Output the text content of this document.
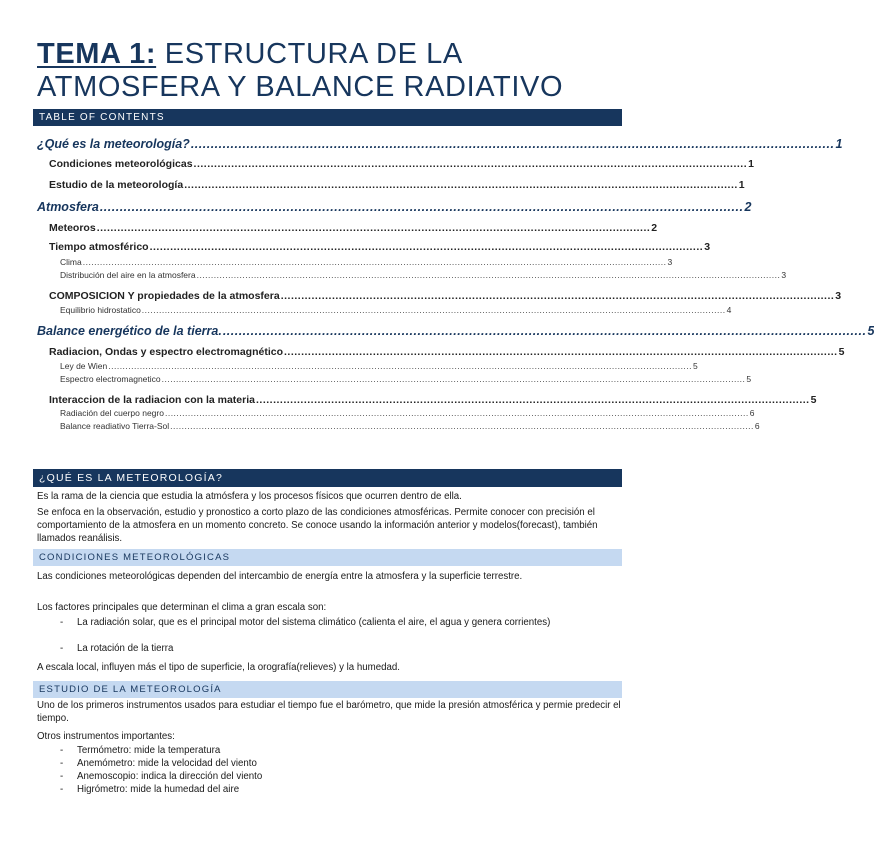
TEMA 1: ESTRUCTURA DE LA ATMOSFERA Y BALANCE RADIATIVO
TABLE OF CONTENTS
¿Qué es la meteorología? .................................................................................................................................................................. 1
Condiciones meteorológicas .................................................................................................................................................................. 1
Estudio de la meteorología .................................................................................................................................................................. 1
Atmosfera .................................................................................................................................................................. 2
Meteoros .................................................................................................................................................................. 2
Tiempo atmosférico .................................................................................................................................................................. 3
Clima ............................................................................................................................................................................................................ 3
Distribución del aire en la atmosfera ............................................................................................................................................................................................................ 3
COMPOSICION Y propiedades de la atmosfera .................................................................................................................................................................. 3
Equilibrio hidrostatico ............................................................................................................................................................................................................ 4
Balance energético de la tierra. .................................................................................................................................................................. 5
Radiacion, Ondas y espectro electromagnético .................................................................................................................................................................. 5
Ley de Wien ............................................................................................................................................................................................................ 5
Espectro electromagnetico ............................................................................................................................................................................................................ 5
Interaccion de la radiacion con la materia .................................................................................................................................................................. 5
Radiación del cuerpo negro ............................................................................................................................................................................................................ 6
Balance readiativo Tierra-Sol ............................................................................................................................................................................................................ 6
¿QUÉ ES LA METEOROLOGÍA?
Es la rama de la ciencia que estudia la atmósfera y los procesos físicos que ocurren dentro de ella.
Se enfoca en la observación, estudio y pronostico a corto plazo de las condiciones atmosféricas. Permite conocer con precisión el comportamiento de la atmosfera en un momento concreto. Se conoce usando la información anterior y modelos(forecast), también llamados reanálisis.
CONDICIONES METEOROLÓGICAS
Las condiciones meteorológicas dependen del intercambio de energía entre la atmosfera y la superficie terrestre.
Los factores principales que determinan el clima a gran escala son:
- La radiación solar, que es el principal motor del sistema climático (calienta el aire, el agua y genera corrientes)
- La rotación de la tierra
A escala local, influyen más el tipo de superficie, la orografía(relieves) y la humedad.
ESTUDIO DE LA METEOROLOGÍA
Uno de los primeros instrumentos usados para estudiar el tiempo fue el barómetro, que mide la presión atmosférica y permie predecir el tiempo.
Otros instrumentos importantes:
- Termómetro: mide la temperatura
- Anemómetro: mide la velocidad del viento
- Anemoscopio: indica la dirección del viento
- Higrómetro: mide la humedad del aire
